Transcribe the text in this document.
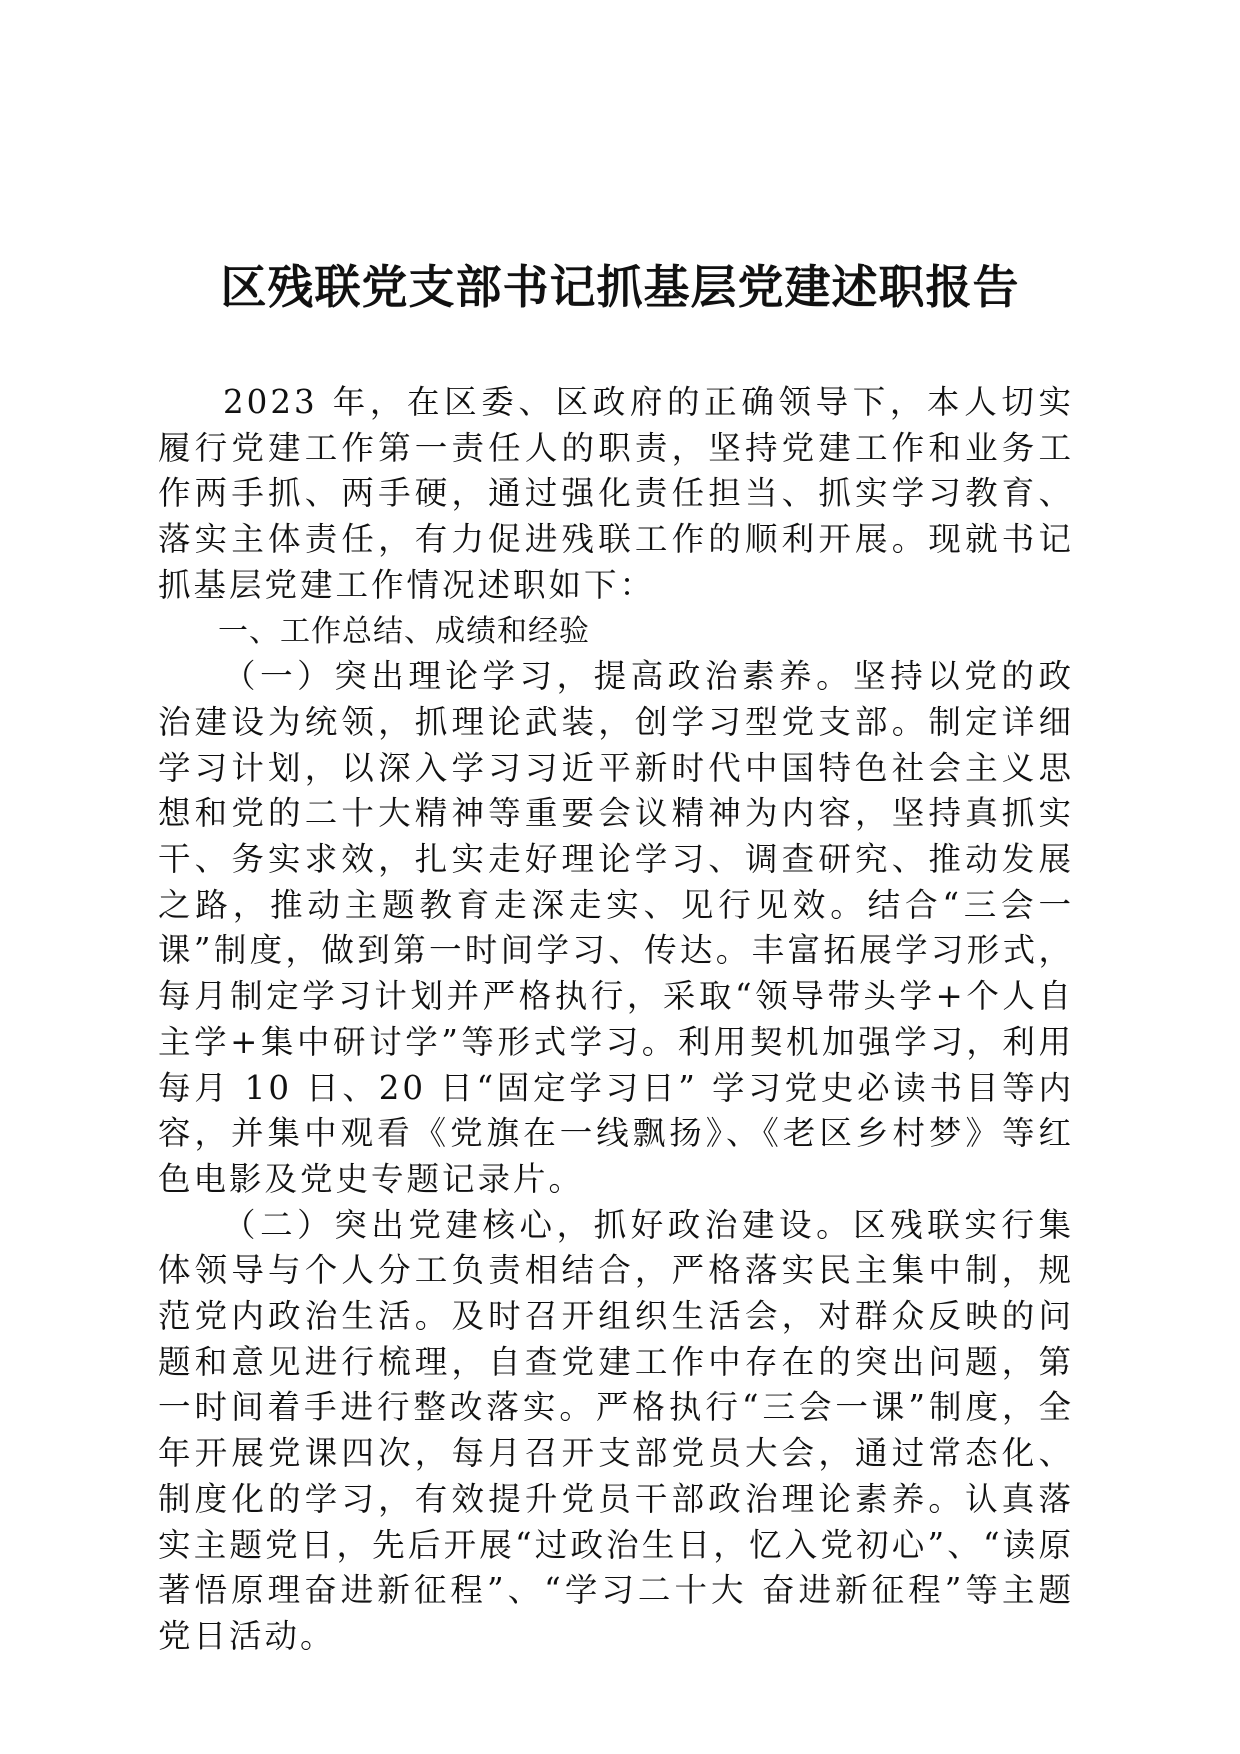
区残联党支部书记抓基层党建述职报告

2023 年，在区委、区政府的正确领导下，本人切实履行党建工作第一责任人的职责，坚持党建工作和业务工作两手抓、两手硬，通过强化责任担当、抓实学习教育、落实主体责任，有力促进残联工作的顺利开展。现就书记抓基层党建工作情况述职如下：

一、工作总结、成绩和经验

（一）突出理论学习，提高政治素养。坚持以党的政治建设为统领，抓理论武装，创学习型党支部。制定详细学习计划，以深入学习习近平新时代中国特色社会主义思想和党的二十大精神等重要会议精神为内容，坚持真抓实干、务实求效，扎实走好理论学习、调查研究、推动发展之路，推动主题教育走深走实、见行见效。结合“三会一课”制度，做到第一时间学习、传达。丰富拓展学习形式，每月制定学习计划并严格执行，采取“领导带头学+个人自主学+集中研讨学”等形式学习。利用契机加强学习，利用每月 10 日、20 日“固定学习日” 学习党史必读书目等内容，并集中观看《党旗在一线飘扬》、《老区乡村梦》等红色电影及党史专题记录片。

（二）突出党建核心，抓好政治建设。区残联实行集体领导与个人分工负责相结合，严格落实民主集中制，规范党内政治生活。及时召开组织生活会，对群众反映的问题和意见进行梳理，自查党建工作中存在的突出问题，第一时间着手进行整改落实。严格执行“三会一课”制度，全年开展党课四次，每月召开支部党员大会，通过常态化、制度化的学习，有效提升党员干部政治理论素养。认真落实主题党日，先后开展“过政治生日，忆入党初心”、“读原著悟原理奋进新征程”、“学习二十大 奋进新征程”等主题党日活动。
